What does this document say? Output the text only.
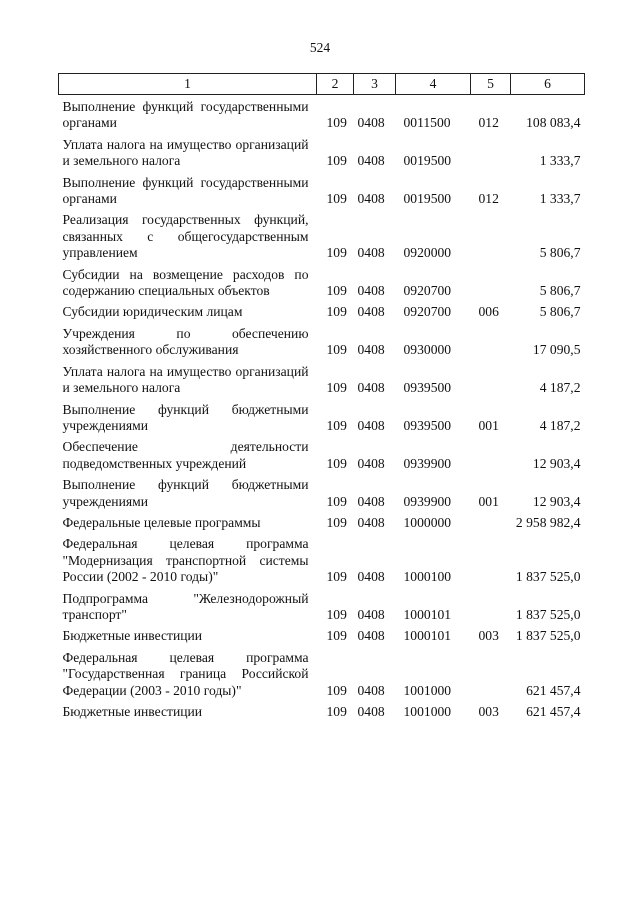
524
1	2	3	4	5	6
Выполнение функций государственными органами	109	0408	0011500	012	108 083,4
Уплата налога на имущество организаций и земельного налога	109	0408	0019500		1 333,7
Выполнение функций государственными органами	109	0408	0019500	012	1 333,7
Реализация государственных функций, связанных с общегосударственным управлением	109	0408	0920000		5 806,7
Субсидии на возмещение расходов по содержанию специальных объектов	109	0408	0920700		5 806,7
Субсидии юридическим лицам	109	0408	0920700	006	5 806,7
Учреждения по обеспечению хозяйственного обслуживания	109	0408	0930000		17 090,5
Уплата налога на имущество организаций и земельного налога	109	0408	0939500		4 187,2
Выполнение функций бюджетными учреждениями	109	0408	0939500	001	4 187,2
Обеспечение деятельности подведомственных учреждений	109	0408	0939900		12 903,4
Выполнение функций бюджетными учреждениями	109	0408	0939900	001	12 903,4
Федеральные целевые программы	109	0408	1000000		2 958 982,4
Федеральная целевая программа "Модернизация транспортной системы России (2002 - 2010 годы)"	109	0408	1000100		1 837 525,0
Подпрограмма "Железнодорожный транспорт"	109	0408	1000101		1 837 525,0
Бюджетные инвестиции	109	0408	1000101	003	1 837 525,0
Федеральная целевая программа "Государственная граница Российской Федерации (2003 - 2010 годы)"	109	0408	1001000		621 457,4
Бюджетные инвестиции	109	0408	1001000	003	621 457,4
